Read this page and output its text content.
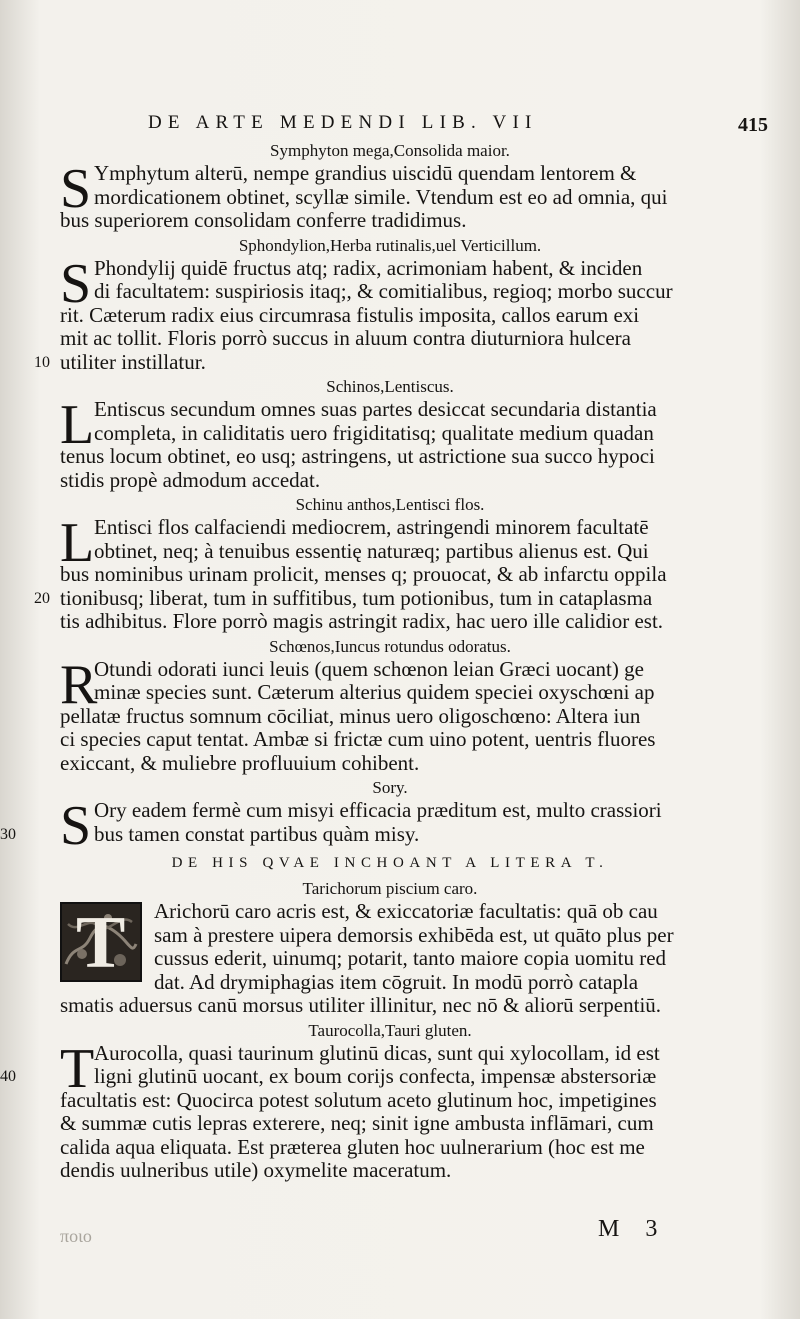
DE ARTE MEDENDI LIB. VII	415
Symphyton mega,Consolida maior.
S Ymphytum alterū, nempe grandius uiscidū quendam lentorem &
mordicationem obtinet, scyllæ simile. Vtendum est eo ad omnia, qui
bus superiorem consolidam conferre tradidimus.
Sphondylion,Herba rutinalis,uel Verticillum.
S Phondylij quidē fructus atq; radix, acrimoniam habent, & inciden
di facultatem: suspiriosis itaq;, & comitialibus, regioq; morbo succur
rit. Cæterum radix eius circumrasa fistulis imposita, callos earum exi
mit ac tollit. Floris porrò succus in aluum contra diuturniora hulcera
10 utiliter instillatur.
Schinos,Lentiscus.
L Entiscus secundum omnes suas partes desiccat secundaria distantia
completa, in caliditatis uero frigiditatisq; qualitate medium quadan
tenus locum obtinet, eo usq; astringens, ut astrictione sua succo hypoci
stidis propè admodum accedat.
Schinu anthos,Lentisci flos.
L Entisci flos calfaciendi mediocrem, astringendi minorem facultatē
obtinet, neq; à tenuibus essentię naturæq; partibus alienus est. Qui
bus nominibus urinam prolicit, menses q; prouocat, & ab infarctu oppila
20 tionibusq; liberat, tum in suffitibus, tum potionibus, tum in cataplasma
tis adhibitus. Flore porrò magis astringit radix, hac uero ille calidior est.
Schœnos,Iuncus rotundus odoratus.
R
Otundi odorati iunci leuis (quem schœnon leian Græci uocant) ge
minæ species sunt. Cæterum alterius quidem speciei oxyschœni ap
pellatæ fructus somnum cōciliat, minus uero oligoschœno: Altera iun
ci species caput tentat. Ambæ si frictæ cum uino potent, uentris fluores
exiccant, & muliebre profluuium cohibent.
Sory.
S Ory eadem fermè cum misyi efficacia præditum est, multo crassiori
30	bus tamen constat partibus quàm misy.
DE HIS QVAE INCHOANT A LITERA T.
Tarichorum piscium caro.
T	Arichorū caro acris est, & exiccatoriæ facultatis: quā ob cau
sam à prestere uipera demorsis exhibēda est, ut quāto plus per
cussus ederit, uinumq; potarit, tanto maiore copia uomitu red
dat. Ad drymiphagias item cōgruit. In modū porrò catapla
smatis aduersus canū morsus utiliter illinitur, nec nō & aliorū serpentiū.
Taurocolla,Tauri gluten.
T Aurocolla, quasi taurinum glutinū dicas, sunt qui xylocollam, id est
40	ligni glutinū uocant, ex boum corijs confecta, impensæ abstersoriæ
facultatis est: Quocirca potest solutum aceto glutinum hoc, impetigines
& summæ cutis lepras exterere, neq; sinit igne ambusta inflāmari, cum
calida aqua eliquata. Est præterea gluten hoc uulnerarium (hoc est me
dendis uulneribus utile) oxymelite maceratum.
ποιο	M 3
